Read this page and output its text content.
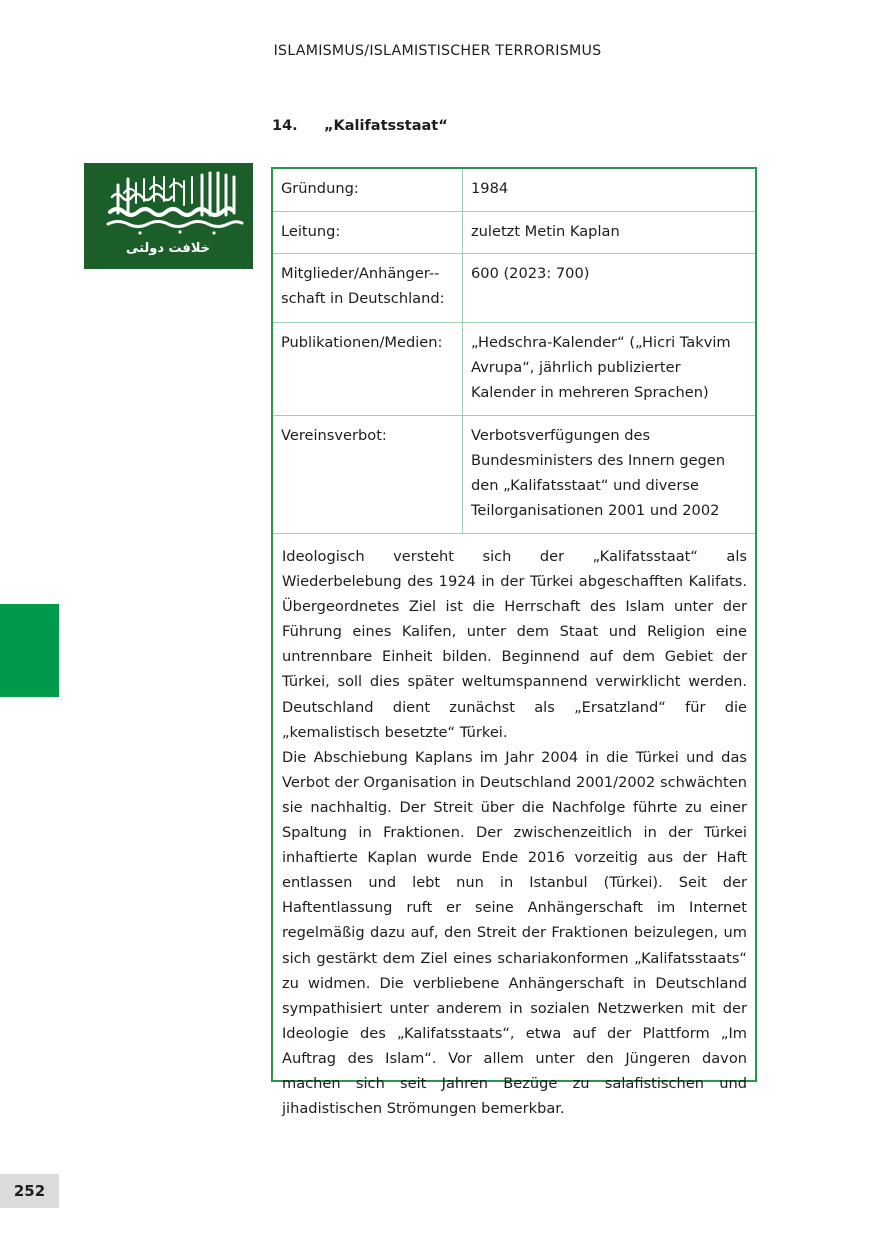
ISLAMISMUS/ISLAMISTISCHER TERRORISMUS
14. „Kalifatsstaat“
خلافت دولتی
Gründung:	1984
Leitung:	zuletzt Metin Kaplan
Mitglieder/Anhänger-schaft in Deutschland:	600 (2023: 700)
Publikationen/Medien:	„Hedschra-Kalender“ („Hicri Takvim Avrupa“, jährlich publizierter Kalender in mehreren Sprachen)
Vereinsverbot:	Verbotsverfügungen des Bundesministers des Innern gegen den „Kalifatsstaat“ und diverse Teilorganisationen 2001 und 2002

Ideologisch versteht sich der „Kalifatsstaat“ als Wiederbelebung des 1924 in der Türkei abgeschafften Kalifats. Übergeordnetes Ziel ist die Herrschaft des Islam unter der Führung eines Kalifen, unter dem Staat und Religion eine untrennbare Einheit bilden. Beginnend auf dem Gebiet der Türkei, soll dies später weltumspannend verwirklicht werden. Deutschland dient zunächst als „Ersatzland“ für die „kemalistisch besetzte“ Türkei.

Die Abschiebung Kaplans im Jahr 2004 in die Türkei und das Verbot der Organisation in Deutschland 2001/2002 schwächten sie nachhaltig. Der Streit über die Nachfolge führte zu einer Spaltung in Fraktionen. Der zwischenzeitlich in der Türkei inhaftierte Kaplan wurde Ende 2016 vorzeitig aus der Haft entlassen und lebt nun in Istanbul (Türkei). Seit der Haftentlassung ruft er seine Anhängerschaft im Internet regelmäßig dazu auf, den Streit der Fraktionen beizulegen, um sich gestärkt dem Ziel eines schariakonformen „Kalifatsstaats“ zu widmen. Die verbliebene Anhängerschaft in Deutschland sympathisiert unter anderem in sozialen Netzwerken mit der Ideologie des „Kalifatsstaats“, etwa auf der Plattform „Im Auftrag des Islam“. Vor allem unter den Jüngeren davon machen sich seit Jahren Bezüge zu salafistischen und jihadistischen Strömungen bemerkbar.

252
